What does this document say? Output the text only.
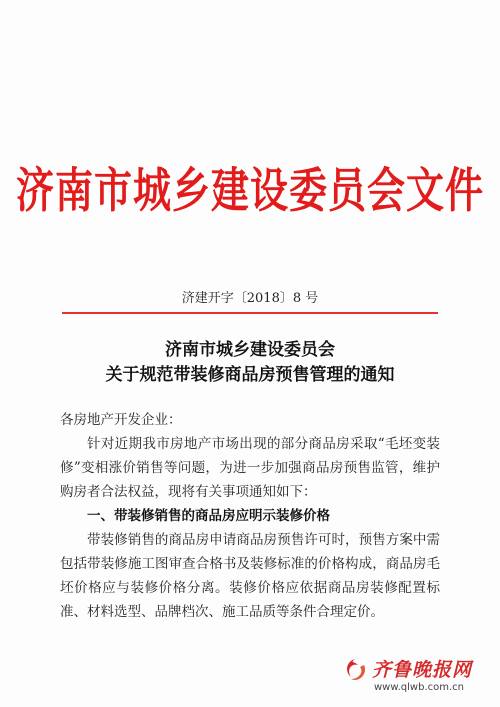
济南市城乡建设委员会文件
济建开字〔2018〕8 号
济南市城乡建设委员会
关于规范带装修商品房预售管理的通知
各房地产开发企业：
针对近期我市房地产市场出现的部分商品房采取“毛坯变装修”变相涨价销售等问题，为进一步加强商品房预售监管，维护购房者合法权益，现将有关事项通知如下：
一、带装修销售的商品房应明示装修价格
带装修销售的商品房申请商品房预售许可时，预售方案中需包括带装修施工图审查合格书及装修标准的价格构成，商品房毛坯价格应与装修价格分离。装修价格应依据商品房装修配置标准、材料选型、品牌档次、施工品质等条件合理定价。
齐鲁晚报网
www.qlwb.com.cn
